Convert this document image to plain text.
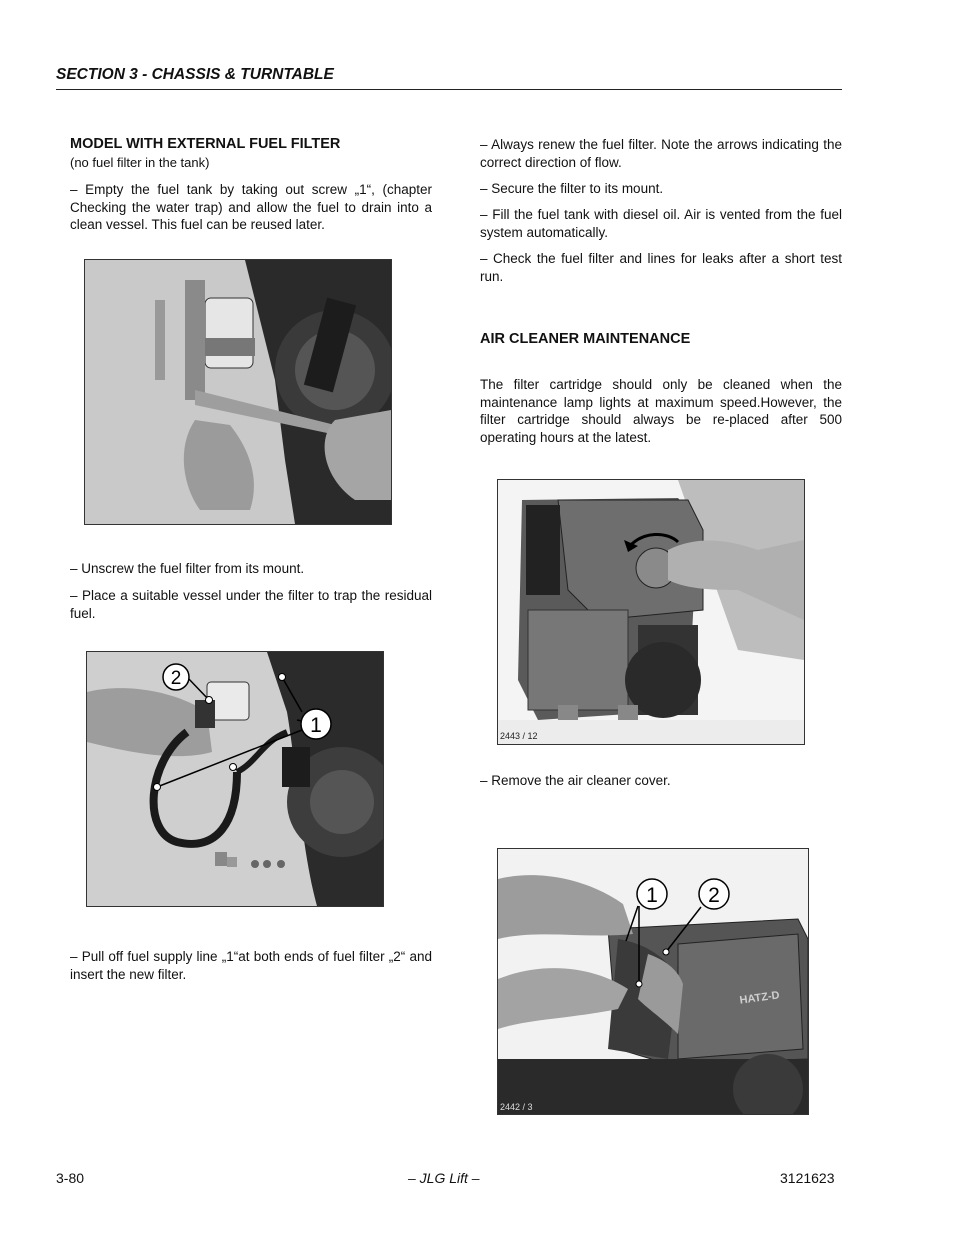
SECTION 3 - CHASSIS & TURNTABLE
MODEL WITH EXTERNAL FUEL FILTER
(no fuel filter in the tank)
– Empty the fuel tank by taking out screw „1“, (chapter Checking the water trap) and allow the fuel to drain into a clean vessel. This fuel can be reused later.
– Unscrew the fuel filter from its mount.
– Place a suitable vessel under the filter to trap the residual fuel.
2
1
– Pull off fuel supply line „1“at both ends of fuel filter „2“ and insert the new filter.
– Always renew the fuel filter. Note the arrows indicating the correct direction of flow.
– Secure the filter to its mount.
– Fill the fuel tank with diesel oil. Air is vented from the fuel system automatically.
– Check the fuel filter and lines for leaks after a short test run.
AIR CLEANER MAINTENANCE
The filter cartridge should only be cleaned when the maintenance lamp lights at maximum speed.However, the filter cartridge should always be re-placed after 500 operating hours at the latest.
2443 / 12
– Remove the air cleaner cover.
1 2
HATZ-D
2442 / 3
3-80	– JLG Lift –	3121623
